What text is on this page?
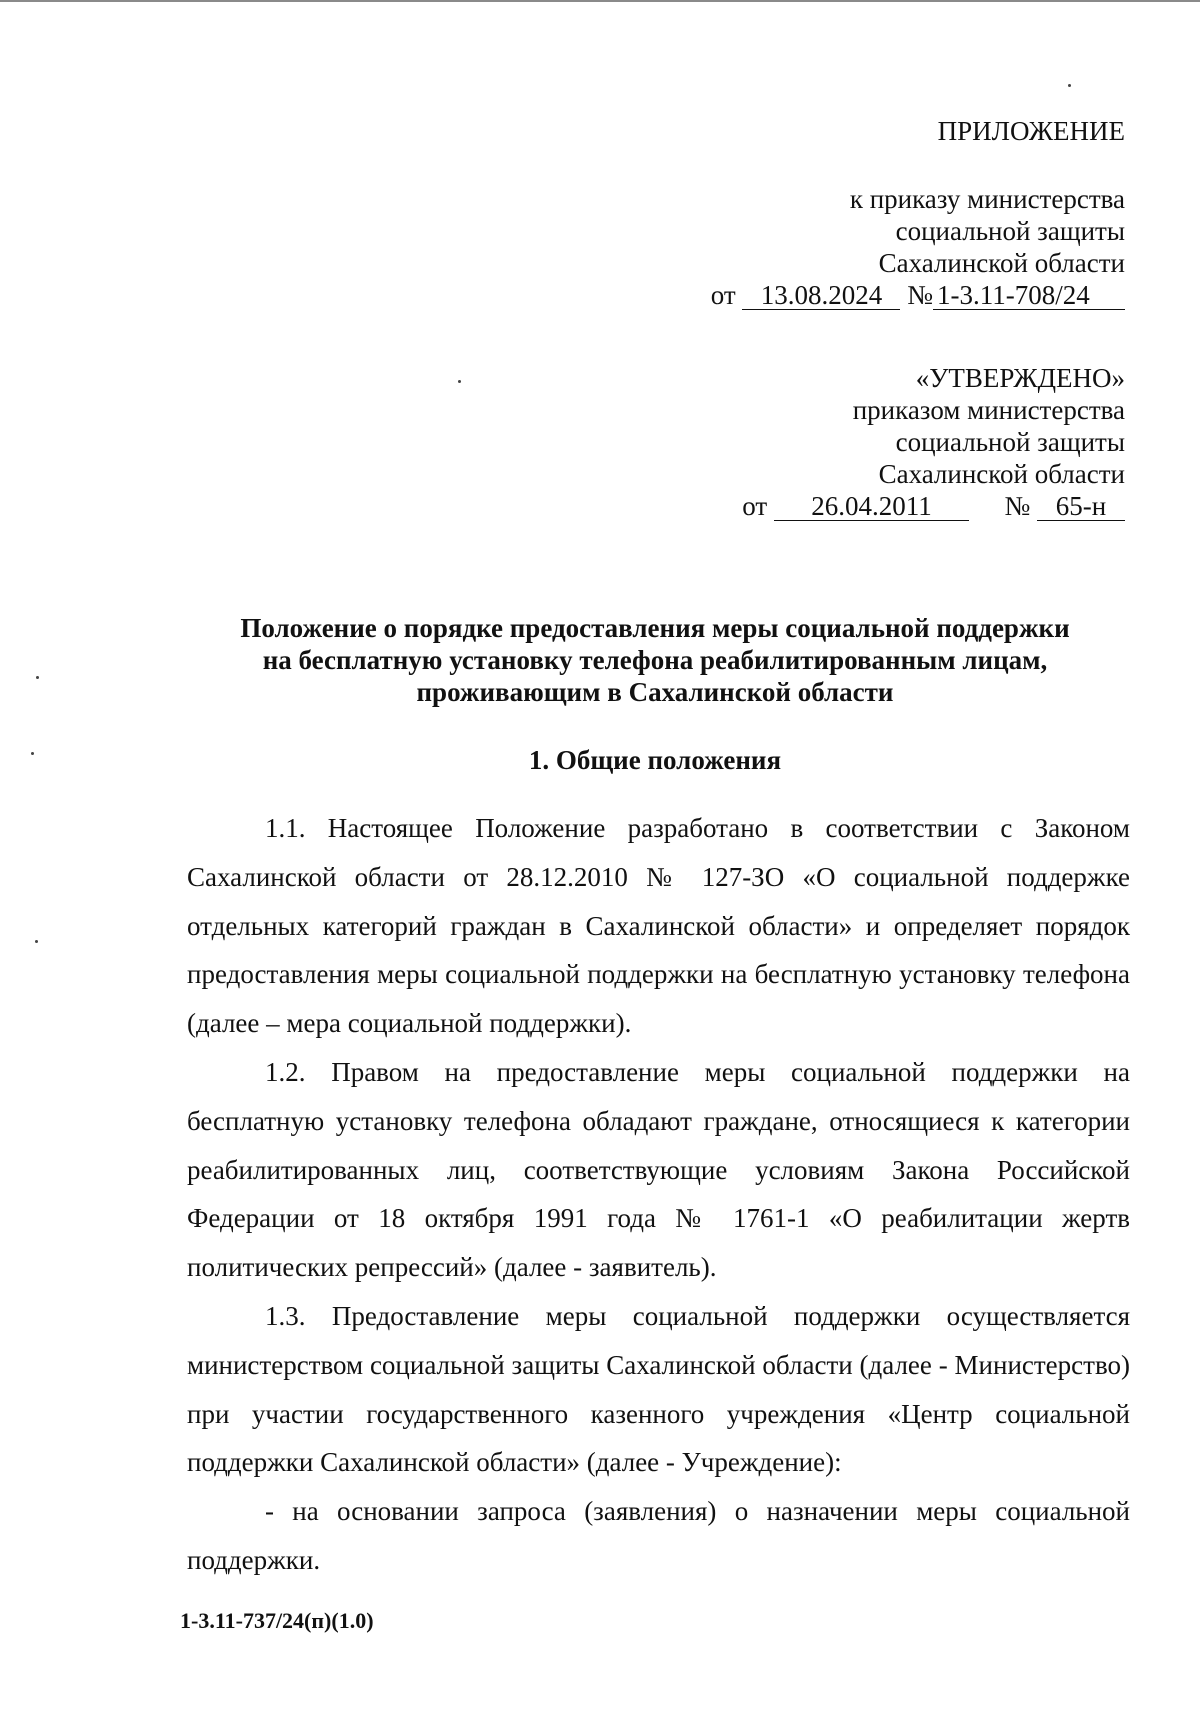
ПРИЛОЖЕНИЕ
к приказу министерства
социальной защиты
Сахалинской области
от 13.08.2024 № 1-3.11-708/24
«УТВЕРЖДЕНО»
приказом министерства
социальной защиты
Сахалинской области
от 26.04.2011	№ 65-н
Положение о порядке предоставления меры социальной поддержки
на бесплатную установку телефона реабилитированным лицам,
проживающим в Сахалинской области
1. Общие положения

1.1. Настоящее Положение разработано в соответствии с Законом Сахалинской области от 28.12.2010 № 127-ЗО «О социальной поддержке отдельных категорий граждан в Сахалинской области» и определяет порядок предоставления меры социальной поддержки на бесплатную установку телефона (далее – мера социальной поддержки).

1.2. Правом на предоставление меры социальной поддержки на бесплатную установку телефона обладают граждане, относящиеся к категории реабилитированных лиц, соответствующие условиям Закона Российской Федерации от 18 октября 1991 года № 1761-1 «О реабилитации жертв политических репрессий» (далее - заявитель).

1.3. Предоставление меры социальной поддержки осуществляется министерством социальной защиты Сахалинской области (далее - Министерство) при участии государственного казенного учреждения «Центр социальной поддержки Сахалинской области» (далее - Учреждение):

- на основании запроса (заявления) о назначении меры социальной поддержки.

1-3.11-737/24(п)(1.0)
